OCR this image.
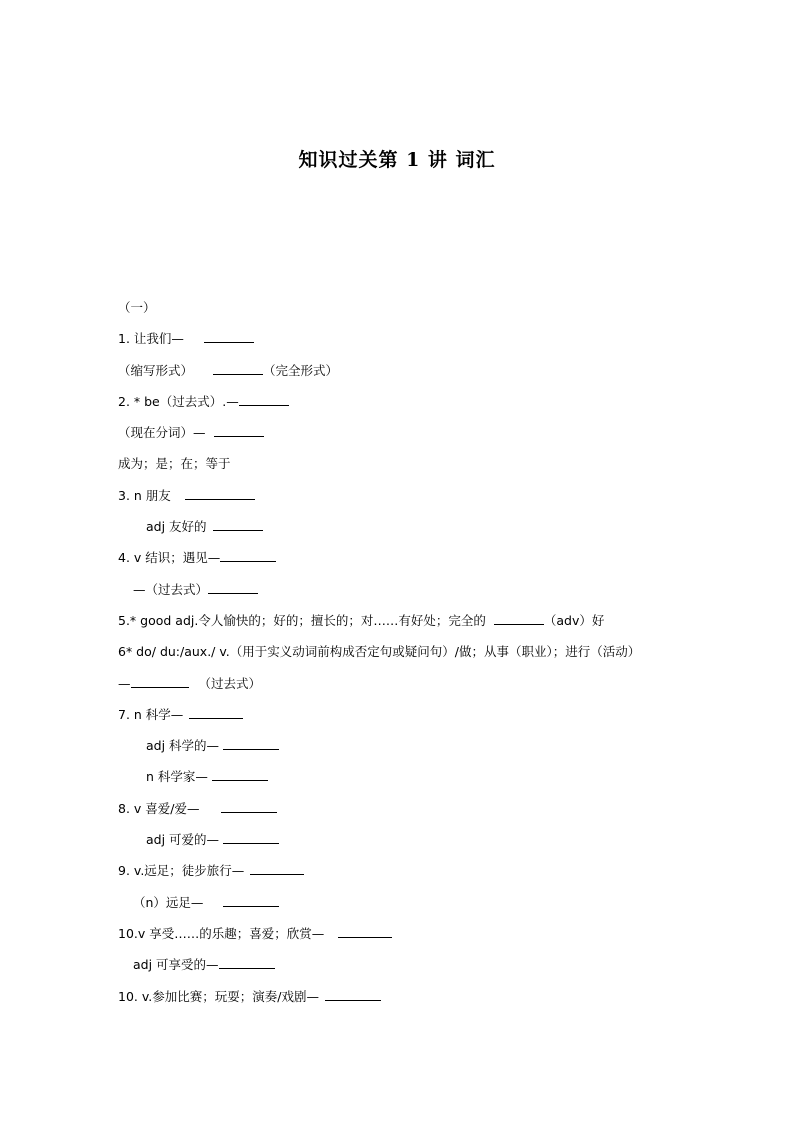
知识过关第 1 讲 词汇
（一）
1. 让我们—
（缩写形式）	（完全形式）
2. * be（过去式）.—
（现在分词）—
成为；是；在；等于
3. n 朋友
adj 友好的
4. v 结识；遇见—
—（过去式）
5.* good adj.令人愉快的；好的；擅长的；对……有好处；完全的	（adv）好
6* do/ du:/aux./ v.（用于实义动词前构成否定句或疑问句）/做；从事（职业）；进行（活动）
—	（过去式）
7. n 科学—
adj 科学的—
n 科学家—
8. v 喜爱/爱—
adj 可爱的—
9. v.远足；徒步旅行—
（n）远足—
10.v 享受……的乐趣；喜爱；欣赏—
adj 可享受的—
10. v.参加比赛；玩耍；演奏/戏剧—
